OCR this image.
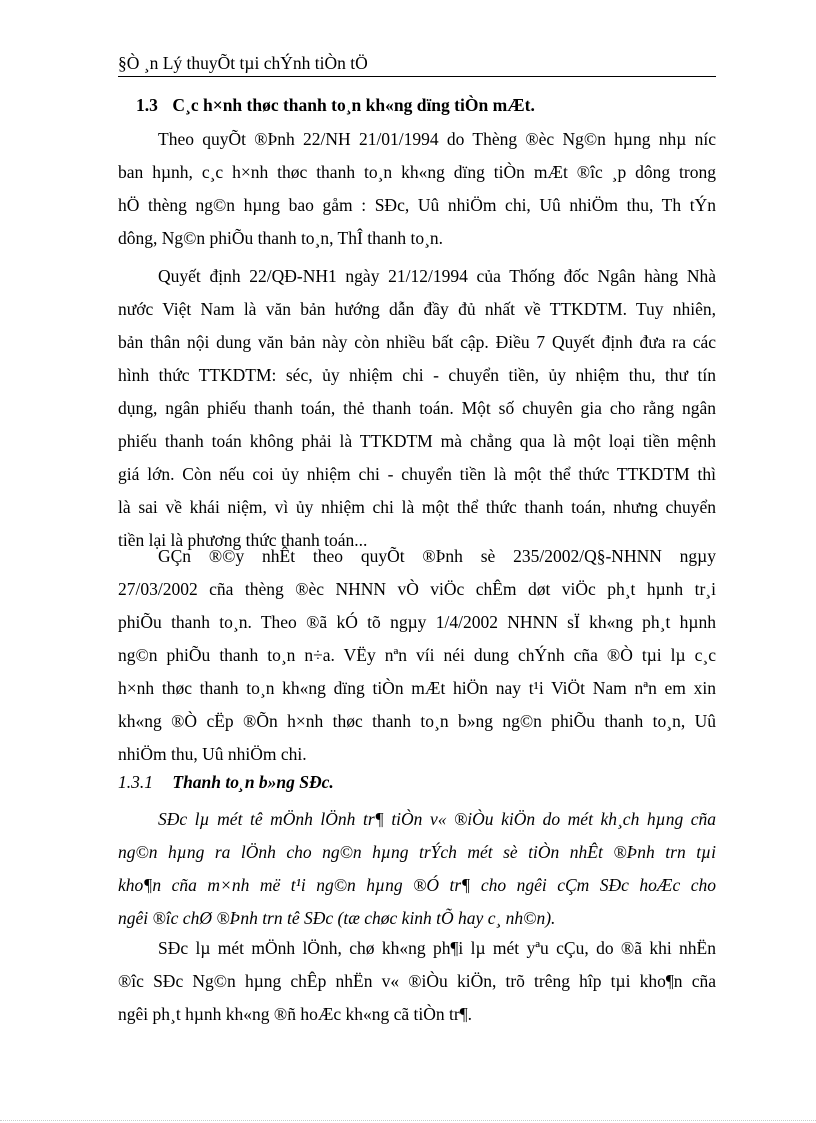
§Ò ¸n Lý thuyÕt tµi chÝnh tiÒn tÖ
1.3 C¸c h×nh thøc thanh to¸n kh«ng dïng tiÒn mÆt.

Theo quyÕt ®Þnh 22/NH 21/01/1994 do Thèng ®èc Ng©n hµng nhµ níc
ban hµnh, c¸c h×nh thøc thanh to¸n kh«ng dïng tiÒn mÆt ®îc ¸p dông trong
hÖ thèng ng©n hµng bao gåm : SÐc, Uû nhiÖm chi, Uû nhiÖm thu, Th tÝn
dông, Ng©n phiÕu thanh to¸n, ThÎ thanh to¸n.

Quyết định 22/QĐ-NH1 ngày 21/12/1994 của Thống đốc Ngân hàng Nhà
nước Việt Nam là văn bản hướng dẫn đầy đủ nhất về TTKDTM. Tuy nhiên,
bản thân nội dung văn bản này còn nhiều bất cập. Điều 7 Quyết định đưa ra các
hình thức TTKDTM: séc, ủy nhiệm chi - chuyển tiền, ủy nhiệm thu, thư tín
dụng, ngân phiếu thanh toán, thẻ thanh toán. Một số chuyên gia cho rằng ngân
phiếu thanh toán không phải là TTKDTM mà chẳng qua là một loại tiền mệnh
giá lớn. Còn nếu coi ủy nhiệm chi - chuyển tiền là một thể thức TTKDTM thì
là sai về khái niệm, vì ủy nhiệm chi là một thể thức thanh toán, nhưng chuyển
tiền lại là phương thức thanh toán...

GÇn ®©y nhÊt theo quyÕt ®Þnh sè 235/2002/Q§-NHNN ngµy
27/03/2002 cña thèng ®èc NHNN vÒ viÖc chÊm døt viÖc ph¸t hµnh tr¸i
phiÕu thanh to¸n. Theo ®ã kÓ tõ ngµy 1/4/2002 NHNN sÏ kh«ng ph¸t hµnh
ng©n phiÕu thanh to¸n n÷a. VËy nªn víi néi dung chÝnh cña ®Ò tµi lµ c¸c
h×nh thøc thanh to¸n kh«ng dïng tiÒn mÆt hiÖn nay t¹i ViÖt Nam nªn em xin
kh«ng ®Ò cËp ®Õn h×nh thøc thanh to¸n b»ng ng©n phiÕu thanh to¸n, Uû
nhiÖm thu, Uû nhiÖm chi.

1.3.1 Thanh to¸n b»ng SÐc.

SÐc lµ mét tê mÖnh lÖnh tr¶ tiÒn v« ®iÒu kiÖn do mét kh¸ch hµng cña
ng©n hµng ra lÖnh cho ng©n hµng trÝch mét sè tiÒn nhÊt ®Þnh trn tµi
kho¶n cña m×nh më t¹i ng©n hµng ®Ó tr¶ cho ngêi cÇm SÐc hoÆc cho
ngêi ®îc chØ ®Þnh trn tê SÐc (tæ chøc kinh tÕ hay c¸ nh©n).

SÐc lµ mét mÖnh lÖnh, chø kh«ng ph¶i lµ mét yªu cÇu, do ®ã khi nhËn
®îc SÐc Ng©n hµng chÊp nhËn v« ®iÒu kiÖn, trõ trêng hîp tµi kho¶n cña
ngêi ph¸t hµnh kh«ng ®ñ hoÆc kh«ng cã tiÒn tr¶.
